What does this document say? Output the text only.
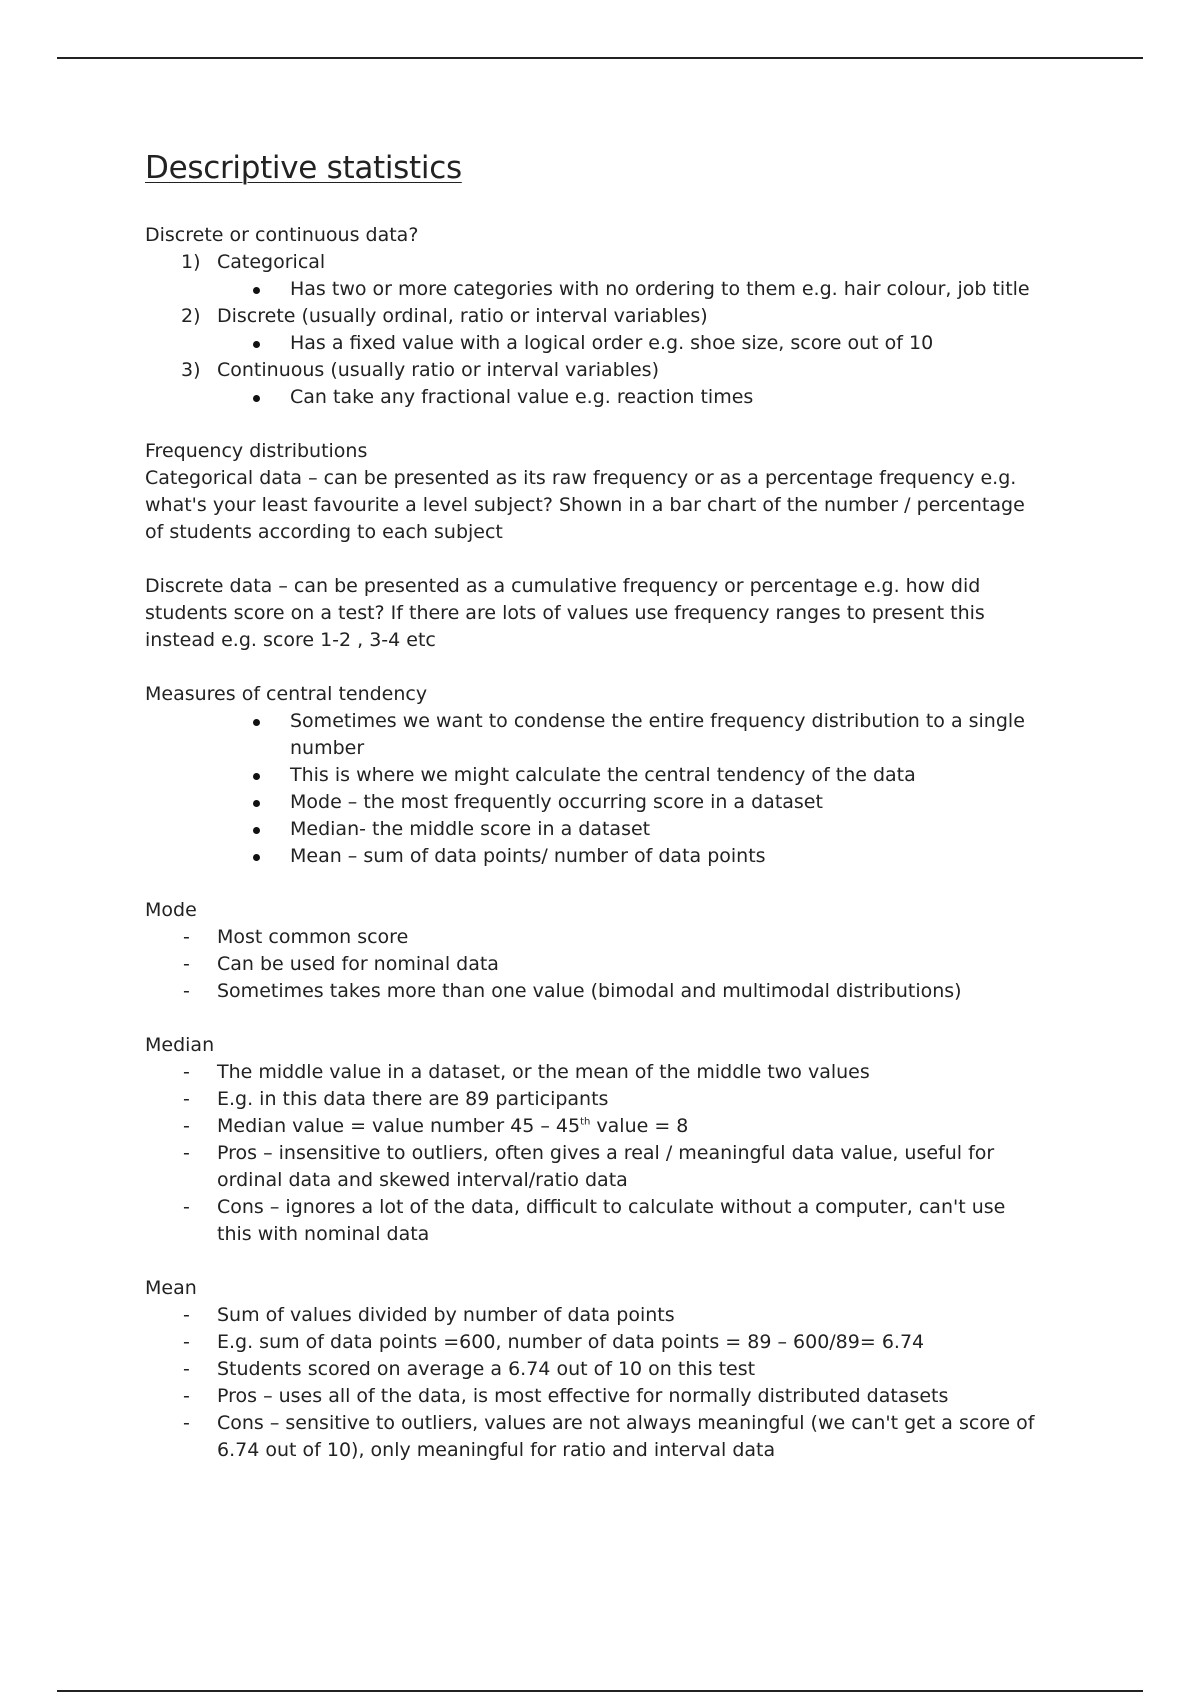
Descriptive statistics

Discrete or continuous data?

1) Categorical
Has two or more categories with no ordering to them e.g. hair colour, job title
2) Discrete (usually ordinal, ratio or interval variables)
Has a fixed value with a logical order e.g. shoe size, score out of 10
3) Continuous (usually ratio or interval variables)
Can take any fractional value e.g. reaction times

Frequency distributions

Categorical data – can be presented as its raw frequency or as a percentage frequency e.g. what's your least favourite a level subject? Shown in a bar chart of the number / percentage of students according to each subject

Discrete data – can be presented as a cumulative frequency or percentage e.g. how did students score on a test? If there are lots of values use frequency ranges to present this instead e.g. score 1-2 , 3-4 etc

Measures of central tendency

Sometimes we want to condense the entire frequency distribution to a single number
This is where we might calculate the central tendency of the data
Mode – the most frequently occurring score in a dataset
Median- the middle score in a dataset
Mean – sum of data points/ number of data points

Mode

- Most common score
- Can be used for nominal data
- Sometimes takes more than one value (bimodal and multimodal distributions)

Median

- The middle value in a dataset, or the mean of the middle two values
- E.g. in this data there are 89 participants
- Median value = value number 45 – 45th value = 8
- Pros – insensitive to outliers, often gives a real / meaningful data value, useful for ordinal data and skewed interval/ratio data
- Cons – ignores a lot of the data, difficult to calculate without a computer, can't use this with nominal data

Mean

- Sum of values divided by number of data points
- E.g. sum of data points =600, number of data points = 89 – 600/89= 6.74
- Students scored on average a 6.74 out of 10 on this test
- Pros – uses all of the data, is most effective for normally distributed datasets
- Cons – sensitive to outliers, values are not always meaningful (we can't get a score of 6.74 out of 10), only meaningful for ratio and interval data
